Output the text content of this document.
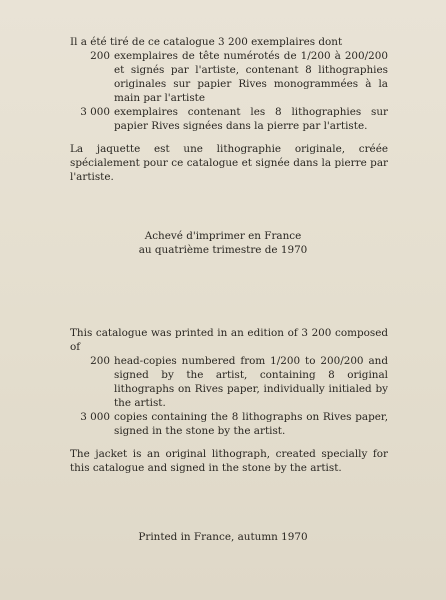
Il a été tiré de ce catalogue 3 200 exemplaires dont

200 exemplaires de tête numérotés de 1/200 à 200/200 et signés par l'artiste, contenant 8 lithographies originales sur papier Rives monogrammées à la main par l'artiste

3 000 exemplaires contenant les 8 lithographies sur papier Rives signées dans la pierre par l'artiste.

La jaquette est une lithographie originale, créée spécialement pour ce catalogue et signée dans la pierre par l'artiste.

Achevé d'imprimer en France

au quatrième trimestre de 1970

This catalogue was printed in an edition of 3 200 composed of

200 head-copies numbered from 1/200 to 200/200 and signed by the artist, containing 8 original lithographs on Rives paper, individually initialed by the artist.

3 000 copies containing the 8 lithographs on Rives paper, signed in the stone by the artist.

The jacket is an original lithograph, created specially for this catalogue and signed in the stone by the artist.

Printed in France, autumn 1970
